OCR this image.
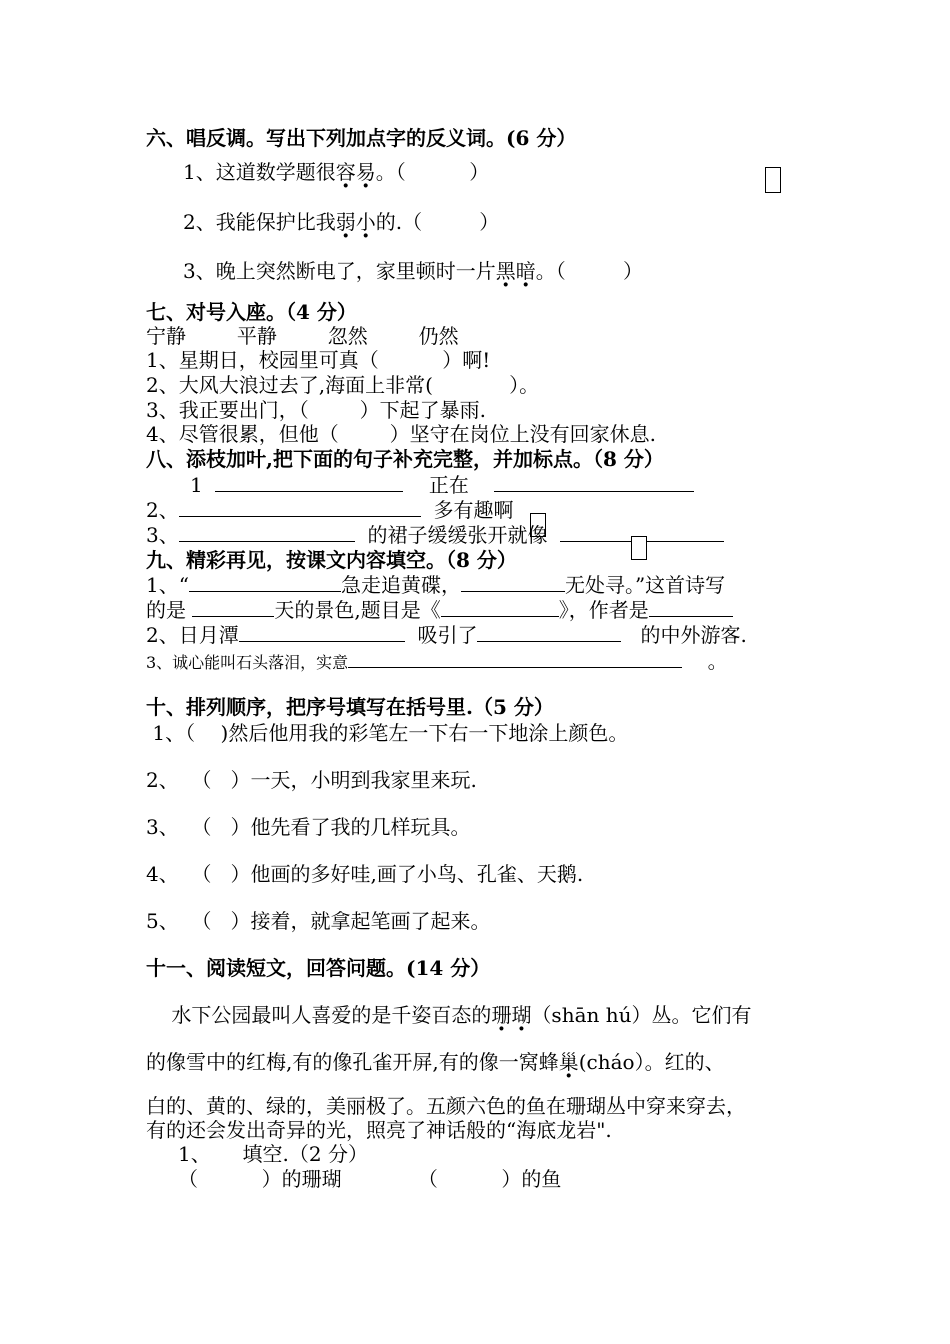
六、唱反调。写出下列加点字的反义词。(6 分）
1、这道数学题很容易。（          ）
2、我能保护比我弱小的.（         ）
3、晚上突然断电了，家里顿时一片黑暗。（         ）
七、对号入座。（4 分）
宁静        平静        忽然        仍然
1、星期日，校园里可真（          ）啊!
2、大风大浪过去了,海面上非常(            ）。
3、我正要出门，（        ）下起了暴雨.
4、尽管很累，但他（        ）坚守在岗位上没有回家休息.
八、添枝加叶,把下面的句子补充完整，并加标点。（8 分）
1	正在
2、	多有趣啊
3、	的裙子缓缓张开就像
九、精彩再见，按课文内容填空。（8 分）
1、“	急走追黄碟，	无处寻。”这首诗写
的是	天的景色,题目是《	》，作者是
2、日月潭	吸引了	的中外游客.
3、诚心能叫石头落泪，实意	。
十、排列顺序，把序号填写在括号里.（5 分）
1、（    )然后他用我的彩笔左一下右一下地涂上颜色。
2、  （   ）一天，小明到我家里来玩.
3、  （   ）他先看了我的几样玩具。
4、  （   ）他画的多好哇,画了小鸟、孔雀、天鹅.
5、  （   ）接着，就拿起笔画了起来。
十一、阅读短文，回答问题。(14 分）
水下公园最叫人喜爱的是千姿百态的珊瑚（shān hú）丛。它们有
的像雪中的红梅,有的像孔雀开屏,有的像一窝蜂巢(cháo）。红的、
白的、黄的、绿的，美丽极了。五颜六色的鱼在珊瑚丛中穿来穿去，
有的还会发出奇异的光，照亮了神话般的“海底龙岩".
1、     填空.（2 分）
（          ）的珊瑚            （          ）的鱼
